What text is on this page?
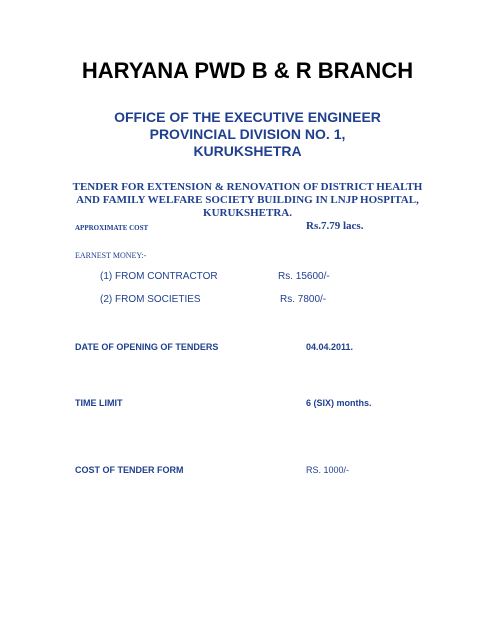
HARYANA PWD B & R BRANCH
OFFICE OF THE EXECUTIVE ENGINEER
PROVINCIAL DIVISION NO. 1,
KURUKSHETRA
TENDER FOR EXTENSION & RENOVATION OF DISTRICT HEALTH
AND FAMILY WELFARE SOCIETY BUILDING IN LNJP HOSPITAL,
KURUKSHETRA.
APPROXIMATE COST	Rs.7.79 lacs.
EARNEST MONEY:-
(1) FROM CONTRACTOR	Rs. 15600/-
(2) FROM SOCIETIES	Rs. 7800/-
DATE OF OPENING OF TENDERS	04.04.2011.
TIME LIMIT	6 (SIX) months.
COST OF TENDER FORM	RS. 1000/-
